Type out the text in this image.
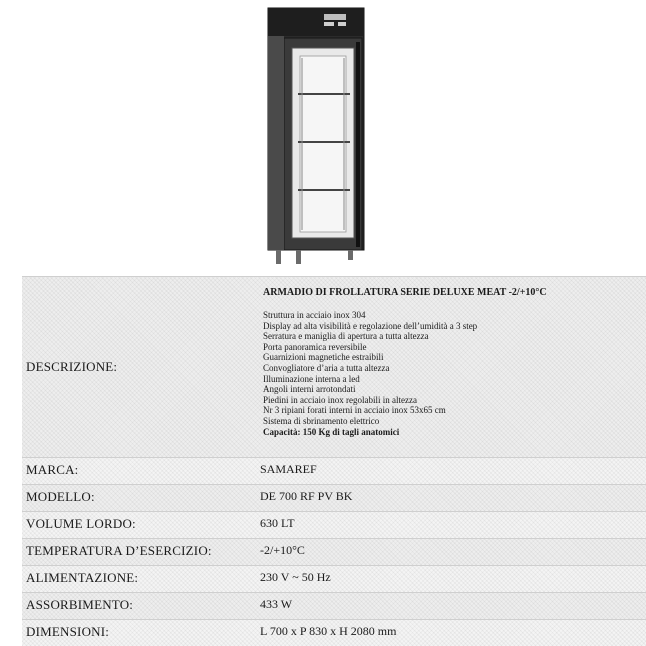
DESCRIZIONE:
ARMADIO DI FROLLATURA SERIE DELUXE MEAT -2/+10°C
Struttura in acciaio inox 304
Display ad alta visibilità e regolazione dell’umidità a 3 step
Serratura e maniglia di apertura a tutta altezza
Porta panoramica reversibile
Guarnizioni magnetiche estraibili
Convogliatore d’aria a tutta altezza
Illuminazione interna a led
Angoli interni arrotondati
Piedini in acciaio inox regolabili in altezza
Nr 3 ripiani forati interni in acciaio inox 53x65 cm
Sistema di sbrinamento elettrico
Capacità: 150 Kg di tagli anatomici
MARCA:	SAMAREF
MODELLO:	DE 700 RF PV BK
VOLUME LORDO:	630 LT
TEMPERATURA D’ESERCIZIO:	-2/+10°C
ALIMENTAZIONE:	230 V ~ 50 Hz
ASSORBIMENTO:	433 W
DIMENSIONI:	L 700 x P 830 x H 2080 mm
